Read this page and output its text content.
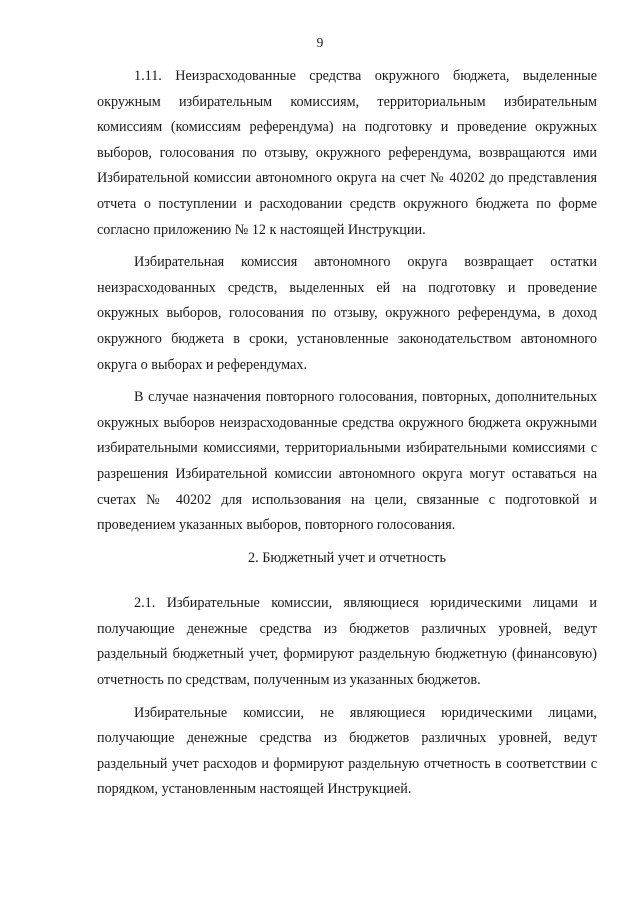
9

1.11. Неизрасходованные средства окружного бюджета, выделенные окружным избирательным комиссиям, территориальным избирательным комиссиям (комиссиям референдума) на подготовку и проведение окружных выборов, голосования по отзыву, окружного референдума, возвращаются ими Избирательной комиссии автономного округа на счет № 40202 до представления отчета о поступлении и расходовании средств окружного бюджета по форме согласно приложению № 12 к настоящей Инструкции.

Избирательная комиссия автономного округа возвращает остатки неизрасходованных средств, выделенных ей на подготовку и проведение окружных выборов, голосования по отзыву, окружного референдума, в доход окружного бюджета в сроки, установленные законодательством автономного округа о выборах и референдумах.

В случае назначения повторного голосования, повторных, дополнительных окружных выборов неизрасходованные средства окружного бюджета окружными избирательными комиссиями, территориальными избирательными комиссиями с разрешения Избирательной комиссии автономного округа могут оставаться на счетах № 40202 для использования на цели, связанные с подготовкой и проведением указанных выборов, повторного голосования.

2. Бюджетный учет и отчетность

2.1. Избирательные комиссии, являющиеся юридическими лицами и получающие денежные средства из бюджетов различных уровней, ведут раздельный бюджетный учет, формируют раздельную бюджетную (финансовую) отчетность по средствам, полученным из указанных бюджетов.

Избирательные комиссии, не являющиеся юридическими лицами, получающие денежные средства из бюджетов различных уровней, ведут раздельный учет расходов и формируют раздельную отчетность в соответствии с порядком, установленным настоящей Инструкцией.
